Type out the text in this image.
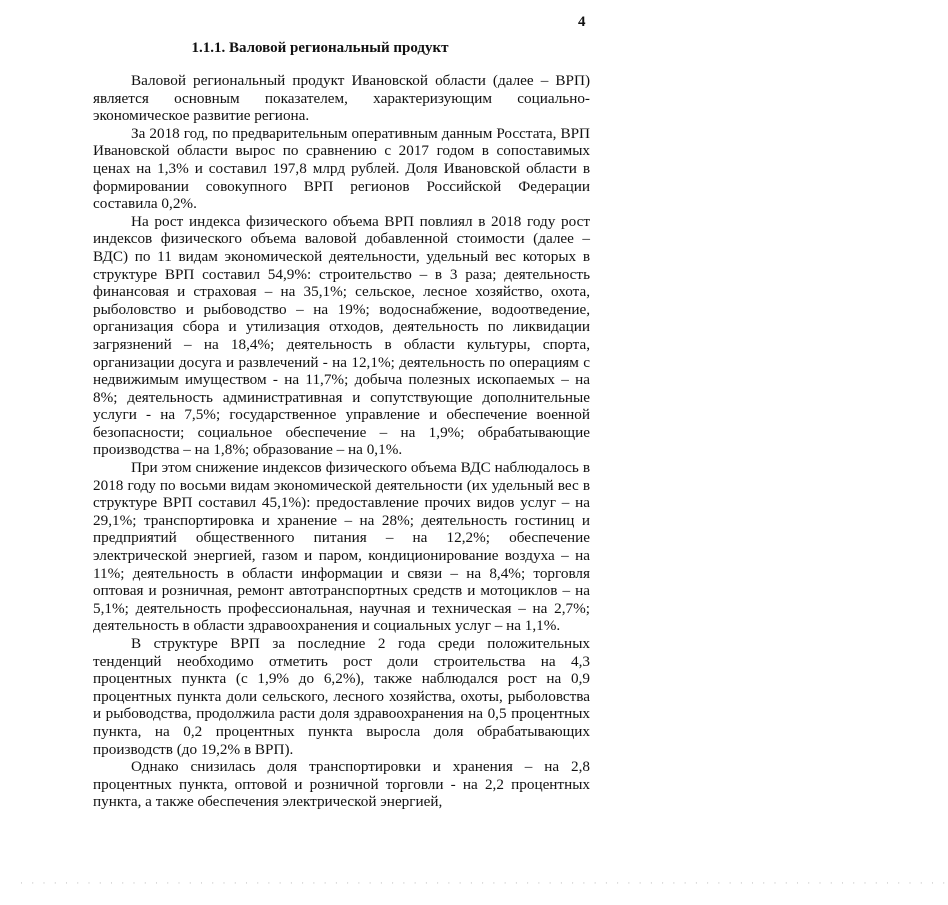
4
1.1.1. Валовой региональный продукт

Валовой региональный продукт Ивановской области (далее – ВРП) является основным показателем, характеризующим социально-экономическое развитие региона.

За 2018 год, по предварительным оперативным данным Росстата, ВРП Ивановской области вырос по сравнению с 2017 годом в сопоставимых ценах на 1,3% и составил 197,8 млрд рублей. Доля Ивановской области в формировании совокупного ВРП регионов Российской Федерации составила 0,2%.

На рост индекса физического объема ВРП повлиял в 2018 году рост индексов физического объема валовой добавленной стоимости (далее – ВДС) по 11 видам экономической деятельности, удельный вес которых в структуре ВРП составил 54,9%: строительство – в 3 раза; деятельность финансовая и страховая – на 35,1%; сельское, лесное хозяйство, охота, рыболовство и рыбоводство – на 19%; водоснабжение, водоотведение, организация сбора и утилизация отходов, деятельность по ликвидации загрязнений – на 18,4%; деятельность в области культуры, спорта, организации досуга и развлечений - на 12,1%; деятельность по операциям с недвижимым имуществом - на 11,7%; добыча полезных ископаемых – на 8%; деятельность административная и сопутствующие дополнительные услуги - на 7,5%; государственное управление и обеспечение военной безопасности; социальное обеспечение – на 1,9%; обрабатывающие производства – на 1,8%; образование – на 0,1%.

При этом снижение индексов физического объема ВДС наблюдалось в 2018 году по восьми видам экономической деятельности (их удельный вес в структуре ВРП составил 45,1%): предоставление прочих видов услуг – на 29,1%; транспортировка и хранение – на 28%; деятельность гостиниц и предприятий общественного питания – на 12,2%; обеспечение электрической энергией, газом и паром, кондиционирование воздуха – на 11%; деятельность в области информации и связи – на 8,4%; торговля оптовая и розничная, ремонт автотранспортных средств и мотоциклов – на 5,1%; деятельность профессиональная, научная и техническая – на 2,7%; деятельность в области здравоохранения и социальных услуг – на 1,1%.

В структуре ВРП за последние 2 года среди положительных тенденций необходимо отметить рост доли строительства на 4,3 процентных пункта (с 1,9% до 6,2%), также наблюдался рост на 0,9 процентных пункта доли сельского, лесного хозяйства, охоты, рыболовства и рыбоводства, продолжила расти доля здравоохранения на 0,5 процентных пункта, на 0,2 процентных пункта выросла доля обрабатывающих производств (до 19,2% в ВРП).

Однако снизилась доля транспортировки и хранения – на 2,8 процентных пункта, оптовой и розничной торговли - на 2,2 процентных пункта, а также обеспечения электрической энергией,

· · · · · · · · · · · · · · · · · · · · · · · · · · · · · · · · · · · · · · · · · · · · · · · · · · · · · · · · · · · · · · · · · · · · · · · · · · · · · · · · · · ·
